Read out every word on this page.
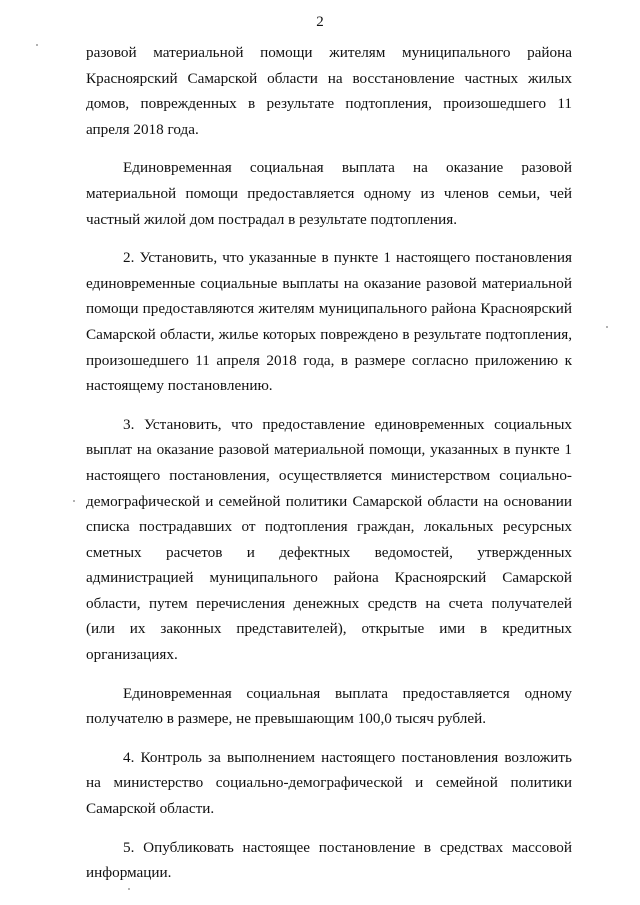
2

разовой материальной помощи жителям муниципального района Красноярский Самарской области на восстановление частных жилых домов, поврежденных в результате подтопления, произошедшего 11 апреля 2018 года.

Единовременная социальная выплата на оказание разовой материальной помощи предоставляется одному из членов семьи, чей частный жилой дом пострадал в результате подтопления.

2. Установить, что указанные в пункте 1 настоящего постановления единовременные социальные выплаты на оказание разовой материальной помощи предоставляются жителям муниципального района Красноярский Самарской области, жилье которых повреждено в результате подтопления, произошедшего 11 апреля 2018 года, в размере согласно приложению к настоящему постановлению.

3. Установить, что предоставление единовременных социальных выплат на оказание разовой материальной помощи, указанных в пункте 1 настоящего постановления, осуществляется министерством социально-демографической и семейной политики Самарской области на основании списка пострадавших от подтопления граждан, локальных ресурсных сметных расчетов и дефектных ведомостей, утвержденных администрацией муниципального района Красноярский Самарской области, путем перечисления денежных средств на счета получателей (или их законных представителей), открытые ими в кредитных организациях.

Единовременная социальная выплата предоставляется одному получателю в размере, не превышающим 100,0 тысяч рублей.

4. Контроль за выполнением настоящего постановления возложить на министерство социально-демографической и семейной политики Самарской области.

5. Опубликовать настоящее постановление в средствах массовой информации.
